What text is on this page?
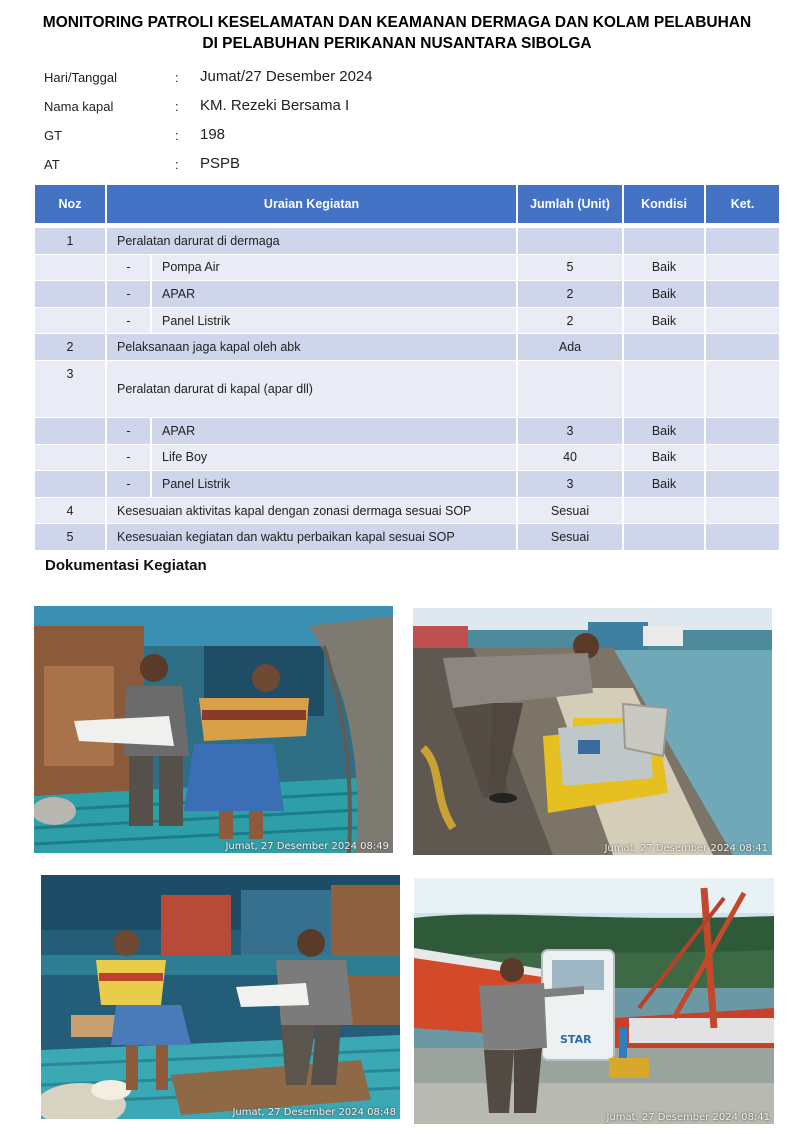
MONITORING PATROLI KESELAMATAN DAN KEAMANAN DERMAGA DAN KOLAM PELABUHAN
DI PELABUHAN PERIKANAN NUSANTARA SIBOLGA
Hari/Tanggal	: Jumat/27 Desember 2024
Nama kapal	: KM. Rezeki Bersama I
GT	: 198
AT	: PSPB
Noz	Uraian Kegiatan		Jumlah (Unit)	Kondisi	Ket.
1	Peralatan darurat di dermaga				
	-	Pompa Air	5	Baik	
	-	APAR	2	Baik	
	-	Panel Listrik	2	Baik	
2	Pelaksanaan jaga kapal oleh abk		Ada		
3	Peralatan darurat di kapal (apar dll)				
	-	APAR	3	Baik	
	-	Life Boy	40	Baik	
	-	Panel Listrik	3	Baik	
4	Kesesuaian aktivitas kapal dengan zonasi dermaga sesuai SOP		Sesuai		
5	Kesesuaian kegiatan dan waktu perbaikan kapal sesuai SOP		Sesuai		
Dokumentasi Kegiatan
Jumat, 27 Desember 2024 08:49	Jumat, 27 Desember 2024 08:41
Jumat, 27 Desember 2024 08:48
STAR
Jumat, 27 Desember 2024 08:41
